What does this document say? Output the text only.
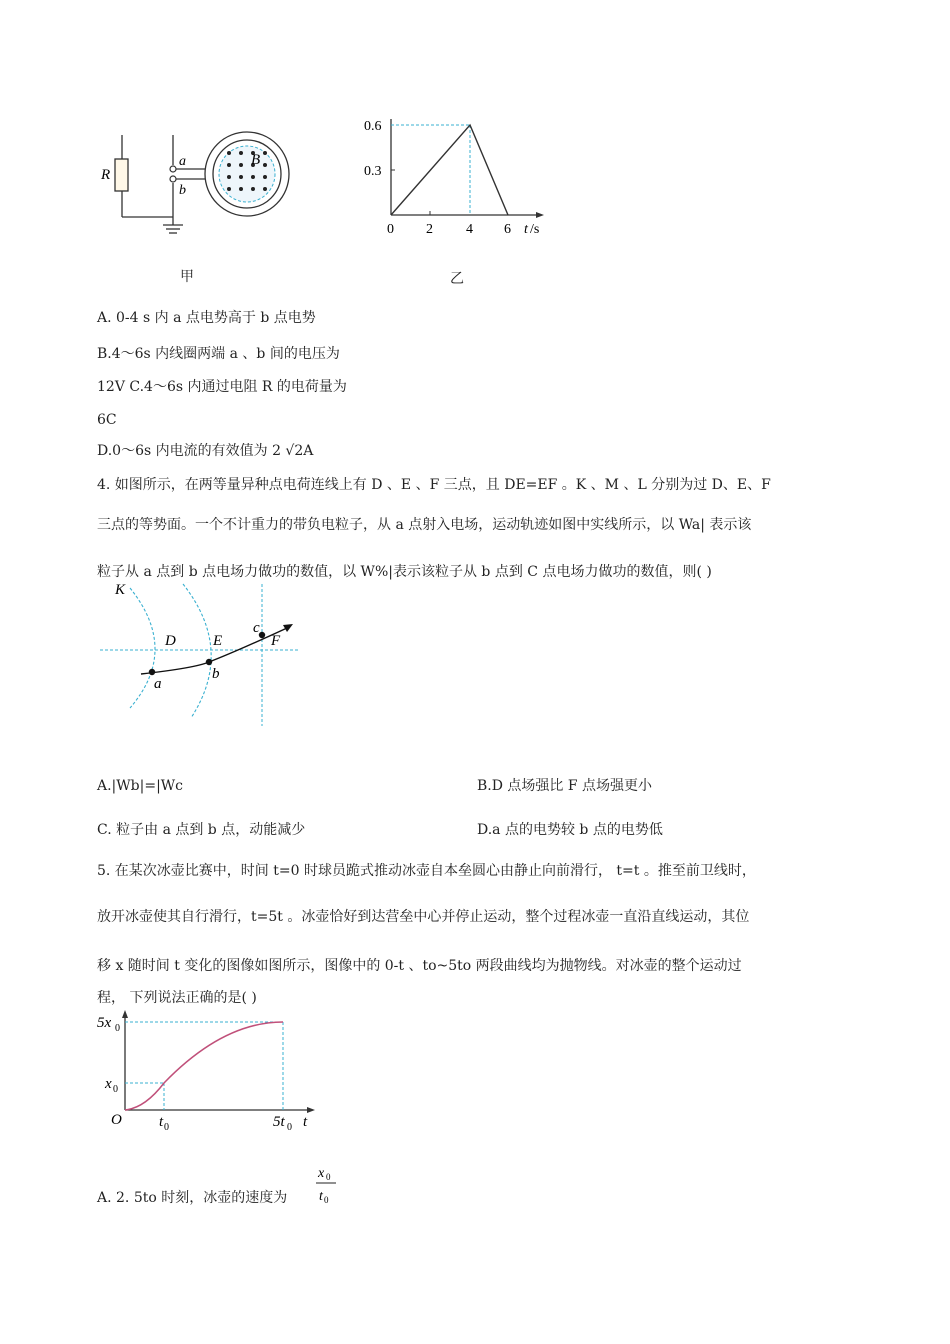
R
a
b
B
甲
0.6
0.3
0 2 4 6 t /s
乙
A. 0-4 s 内 a 点电势高于 b 点电势
B.4～6s 内线圈两端 a 、b 间的电压为
12V C.4～6s 内通过电阻 R 的电荷量为
6C
D.0～6s 内电流的有效值为 2 √2A
4. 如图所示，在两等量异种点电荷连线上有 D 、E 、F 三点，且 DE=EF 。K 、M 、L 分别为过 D、E、F
三点的等势面。一个不计重力的带负电粒子，从 a 点射入电场，运动轨迹如图中实线所示，以 Wa| 表示该
粒子从 a 点到 b 点电场力做功的数值，以 W%|表示该粒子从 b 点到 C 点电场力做功的数值，则( )
K
D E	F
a
b
c
A.|Wb|=|Wc	B.D 点场强比 F 点场强更小
C. 粒子由 a 点到 b 点，动能减少	D.a 点的电势较 b 点的电势低
5. 在某次冰壶比赛中，时间 t=0 时球员跪式推动冰壶自本垒圆心由静止向前滑行， t=t 。推至前卫线时，
放开冰壶使其自行滑行，t=5t 。冰壶恰好到达营垒中心并停止运动，整个过程冰壶一直沿直线运动，其位
移 x 随时间 t 变化的图像如图所示，图像中的 0-t 、to~5to 两段曲线均为抛物线。对冰壶的整个运动过
程， 下列说法正确的是( )
5x 0
x 0
O t 0	5t 0 t
A. 2. 5to 时刻，冰壶的速度为
x 0
t 0
